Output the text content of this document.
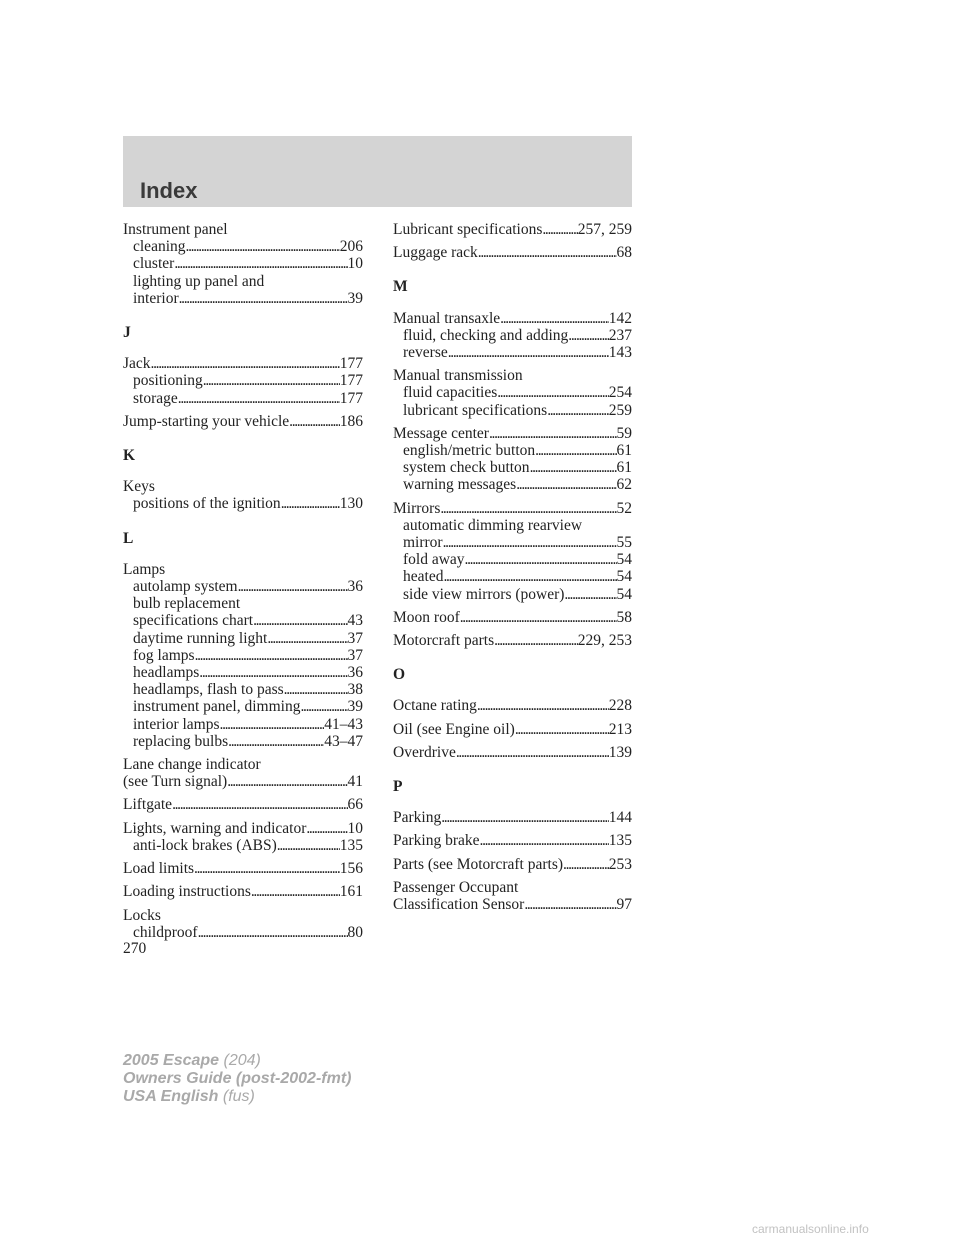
Index
Instrument panel
cleaning . . .	206
cluster . . .	10
lighting up panel and
interior . . .	39
J
Jack . . .	177
positioning . . .	177
storage . . .	177
Jump-starting your vehicle . . .	186
K
Keys
positions of the ignition . . .	130
L
Lamps
autolamp system . . .	36
bulb replacement
specifications chart . . .	43
daytime running light . . .	37
fog lamps . . .	37
headlamps . . .	36
headlamps, flash to pass . . .	38
instrument panel, dimming . . .	39
interior lamps . . .	41–43
replacing bulbs . . .	43–47
Lane change indicator
(see Turn signal) . . .	41
Liftgate . . .	66
Lights, warning and indicator . . .	10
anti-lock brakes (ABS) . . .	135
Load limits . . .	156
Loading instructions . . .	161
Locks
childproof . . .	80
Lubricant specifications . . . 257, 259
Luggage rack . . .	68
M
Manual transaxle . . .	142
fluid, checking and adding . . .	237
reverse . . .	143
Manual transmission
fluid capacities . . .	254
lubricant specifications . . .	259
Message center . . .	59
english/metric button . . .	61
system check button . . .	61
warning messages . . .	62
Mirrors . . .	52
automatic dimming rearview
mirror . . .	55
fold away . . .	54
heated . . .	54
side view mirrors (power) . . .	54
Moon roof . . .	58
Motorcraft parts . . .	229, 253
O
Octane rating . . .	228
Oil (see Engine oil) . . .	213
Overdrive . . .	139
P
Parking . . .	144
Parking brake . . .	135
Parts (see Motorcraft parts) . . .	253
Passenger Occupant
Classification Sensor . . .	97
270
2005 Escape (204)
Owners Guide (post-2002-fmt)
USA English (fus)
carmanualsonline.info
